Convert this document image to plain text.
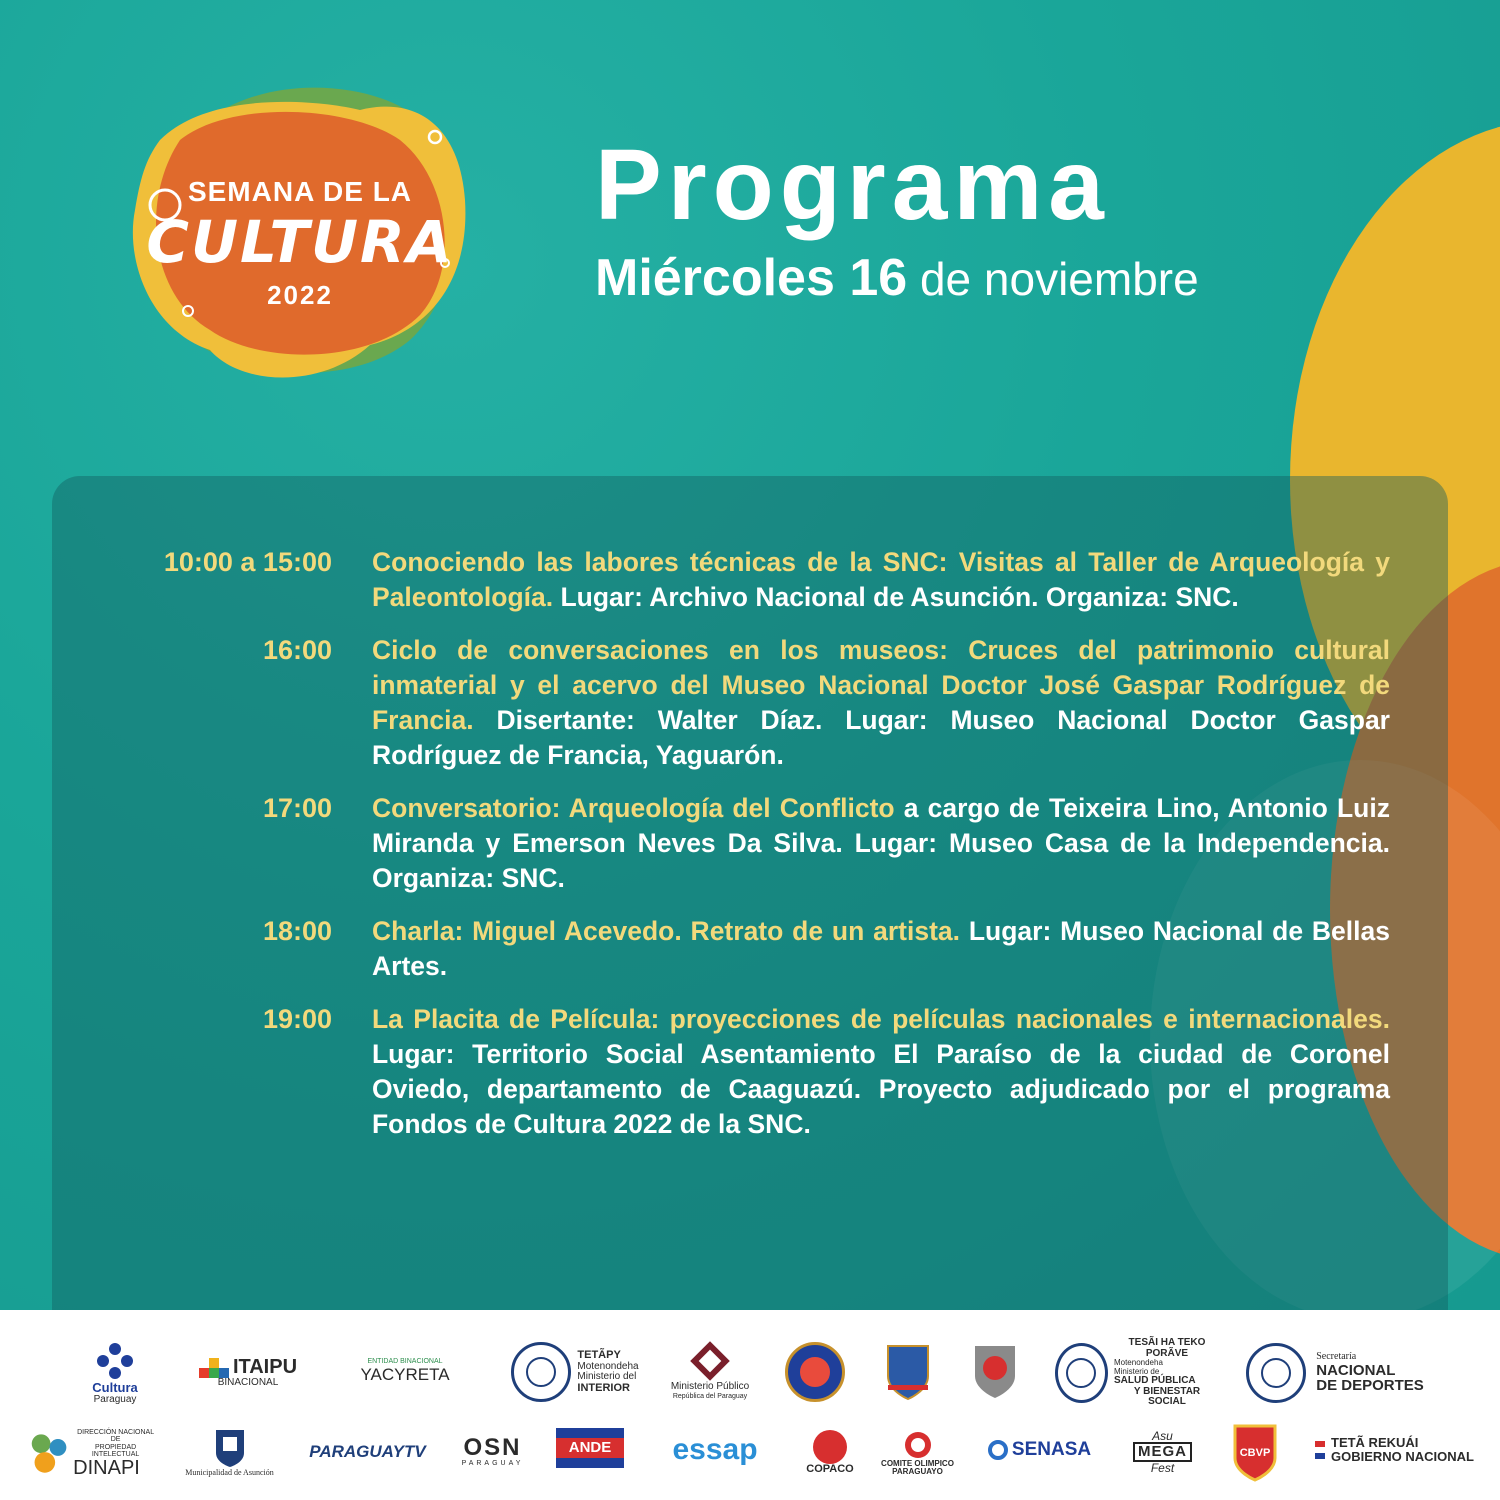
SEMANA DE LA
CULTURA
2022
Programa
Miércoles 16 de noviembre
10:00 a 15:00 Conociendo las labores técnicas de la SNC: Visitas al Taller de Arqueología y Paleontología. Lugar: Archivo Nacional de Asunción. Organiza: SNC.
16:00 Ciclo de conversaciones en los museos: Cruces del patrimonio cultural inmaterial y el acervo del Museo Nacional Doctor José Gaspar Rodríguez de Francia. Disertante: Walter Díaz. Lugar: Museo Nacional Doctor Gaspar Rodríguez de Francia, Yaguarón.
17:00 Conversatorio: Arqueología del Conflicto a cargo de Teixeira Lino, Antonio Luiz Miranda y Emerson Neves Da Silva. Lugar: Museo Casa de la Independencia. Organiza: SNC.
18:00 Charla: Miguel Acevedo. Retrato de un artista. Lugar: Museo Nacional de Bellas Artes.
19:00 La Placita de Película: proyecciones de películas nacionales e internacionales. Lugar: Territorio Social Asentamiento El Paraíso de la ciudad de Coronel Oviedo, departamento de Caaguazú. Proyecto adjudicado por el programa Fondos de Cultura 2022 de la SNC.
Cultura
Paraguay
ITAIPU
BINACIONAL
ENTIDAD BINACIONAL
YACYRETA
TETÃPY
Motenondeha
Ministerio del
INTERIOR	Ministerio Público
República del Paraguay
TESÃI HA TEKO PORÃVE
Motenondeha
Ministerio de
SALUD PÚBLICA
Y BIENESTAR SOCIAL
Secretaría
NACIONAL
DE DEPORTES
DIRECCIÓN NACIONAL DE
PROPIEDAD INTELECTUAL
DINAPI	Municipalidad de Asunción
PARAGUAYTV OSN
PARAGUAY
ANDE	essap
COPACO
COMITE OLIMPICO
PARAGUAYO
SENASA
Asu
MEGA
Fest
CBVP
TETÃ REKUÁI
GOBIERNO NACIONAL
